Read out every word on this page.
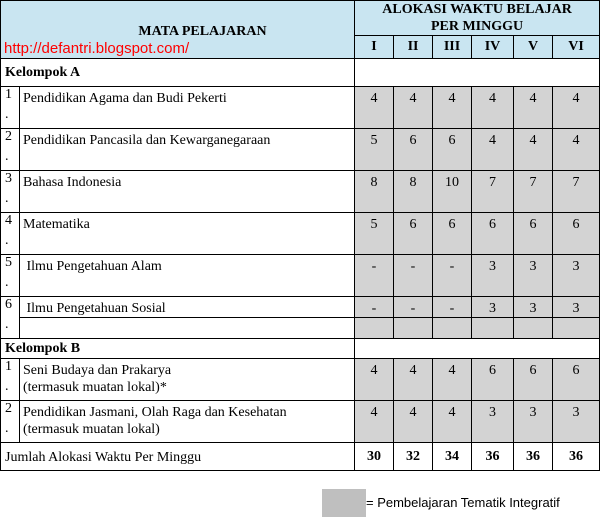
MATA PELAJARAN		ALOKASI WAKTU BELAJAR
PER MINGGU					
		I	II	III	IV	V	VI
Kelompok A							
1
.	Pendidikan Agama dan Budi Pekerti	4	4	4	4	4	4
2
.	Pendidikan Pancasila dan Kewarganegaraan	5	6	6	4	4	4
3
.	Bahasa Indonesia	8	8	10	7	7	7
4
.	Matematika	5	6	6	6	6	6
5
.	Ilmu Pengetahuan Alam	-	-	-	3	3	3
6
.	Ilmu Pengetahuan Sosial	-	-	-	3	3	3

Kelompok B							
1
.	Seni Budaya dan Prakarya
(termasuk muatan lokal)*	4	4	4	6	6	6
2
.	Pendidikan Jasmani, Olah Raga dan Kesehatan
(termasuk muatan lokal)	4	4	4	3	3	3
Jumlah Alokasi Waktu Per Minggu		30	32	34	36	36	36
http://defantri.blogspot.com/
= Pembelajaran Tematik Integratif
